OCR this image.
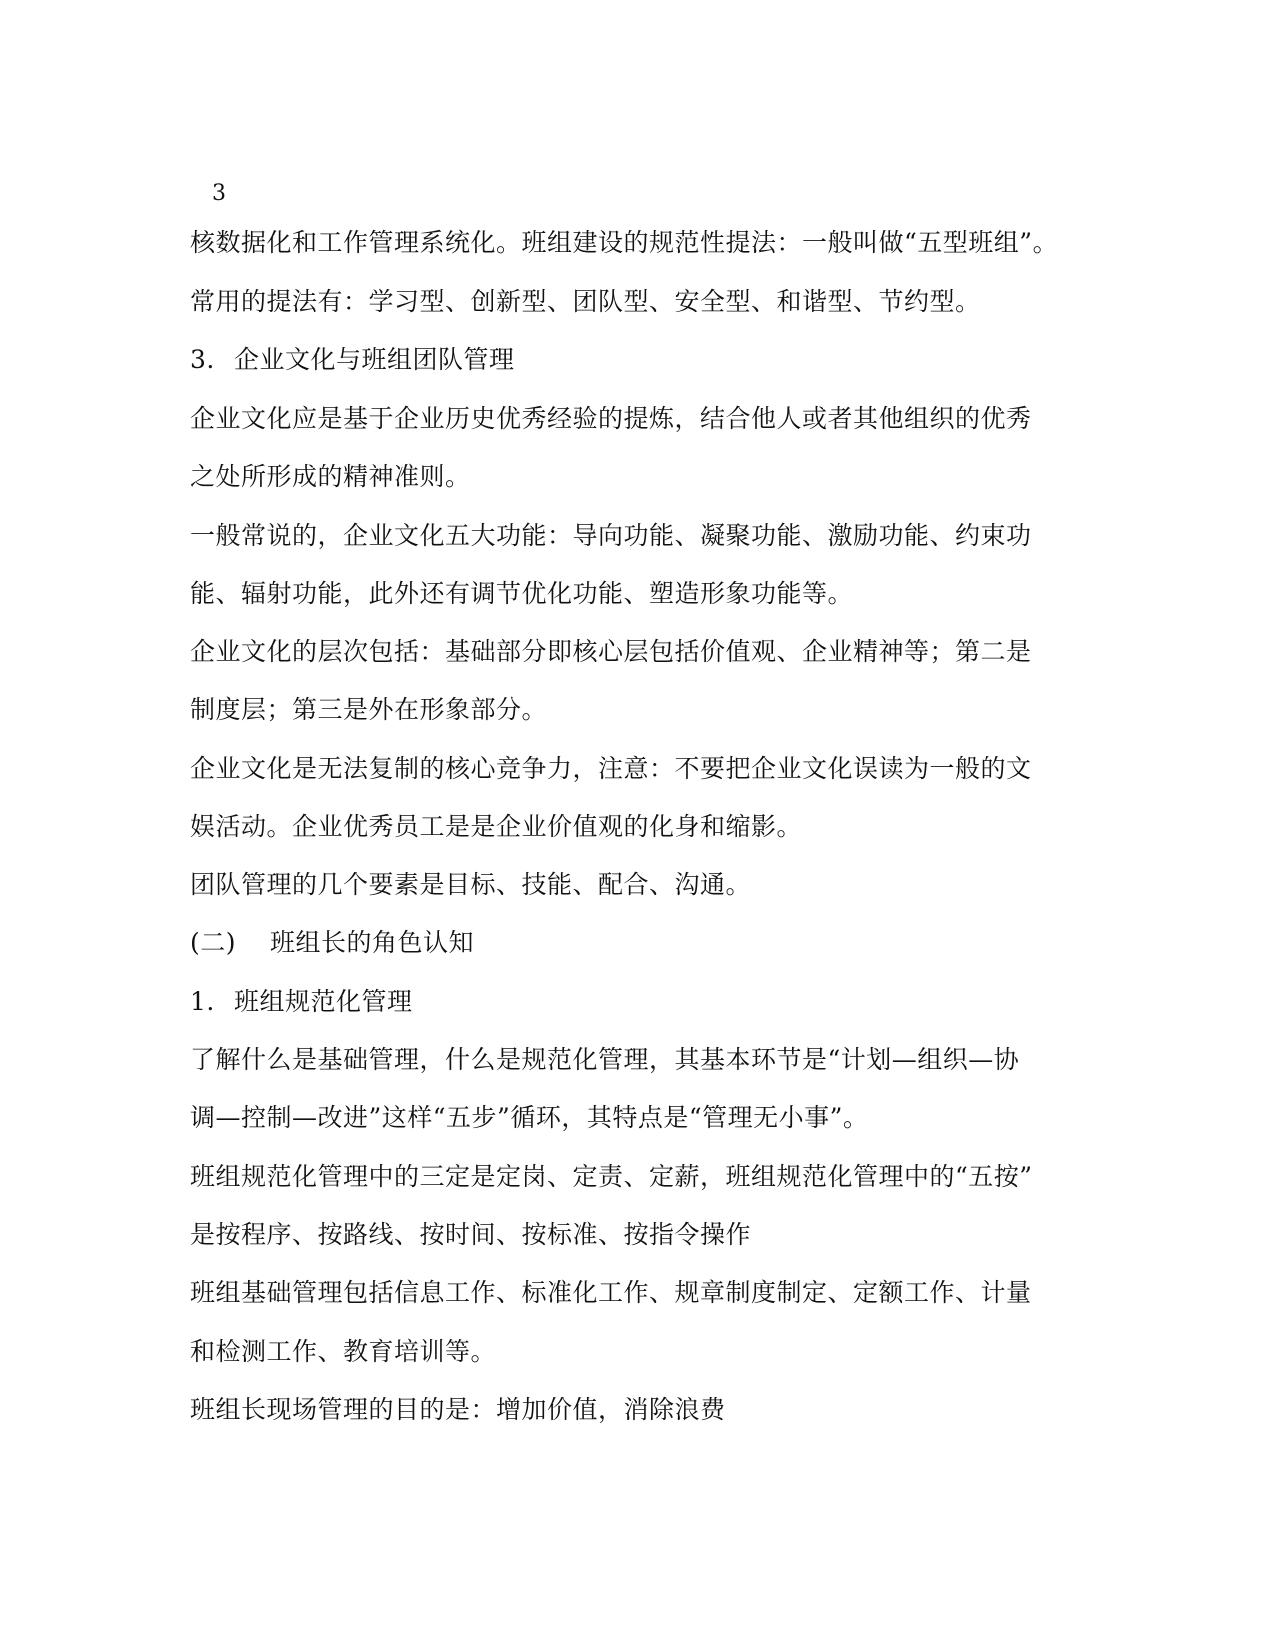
3
核数据化和工作管理系统化。班组建设的规范性提法：一般叫做“五型班组”。
常用的提法有：学习型、创新型、团队型、安全型、和谐型、节约型。
3. 企业文化与班组团队管理
企业文化应是基于企业历史优秀经验的提炼，结合他人或者其他组织的优秀
之处所形成的精神准则。
一般常说的，企业文化五大功能：导向功能、凝聚功能、激励功能、约束功
能、辐射功能，此外还有调节优化功能、塑造形象功能等。
企业文化的层次包括：基础部分即核心层包括价值观、企业精神等；第二是
制度层；第三是外在形象部分。
企业文化是无法复制的核心竞争力，注意：不要把企业文化误读为一般的文
娱活动。企业优秀员工是是企业价值观的化身和缩影。
团队管理的几个要素是目标、技能、配合、沟通。
(二) 班组长的角色认知
1. 班组规范化管理
了解什么是基础管理，什么是规范化管理，其基本环节是“计划—组织—协
调—控制—改进”这样“五步”循环，其特点是“管理无小事”。
班组规范化管理中的三定是定岗、定责、定薪，班组规范化管理中的“五按”
是按程序、按路线、按时间、按标准、按指令操作
班组基础管理包括信息工作、标准化工作、规章制度制定、定额工作、计量
和检测工作、教育培训等。
班组长现场管理的目的是：增加价值，消除浪费
